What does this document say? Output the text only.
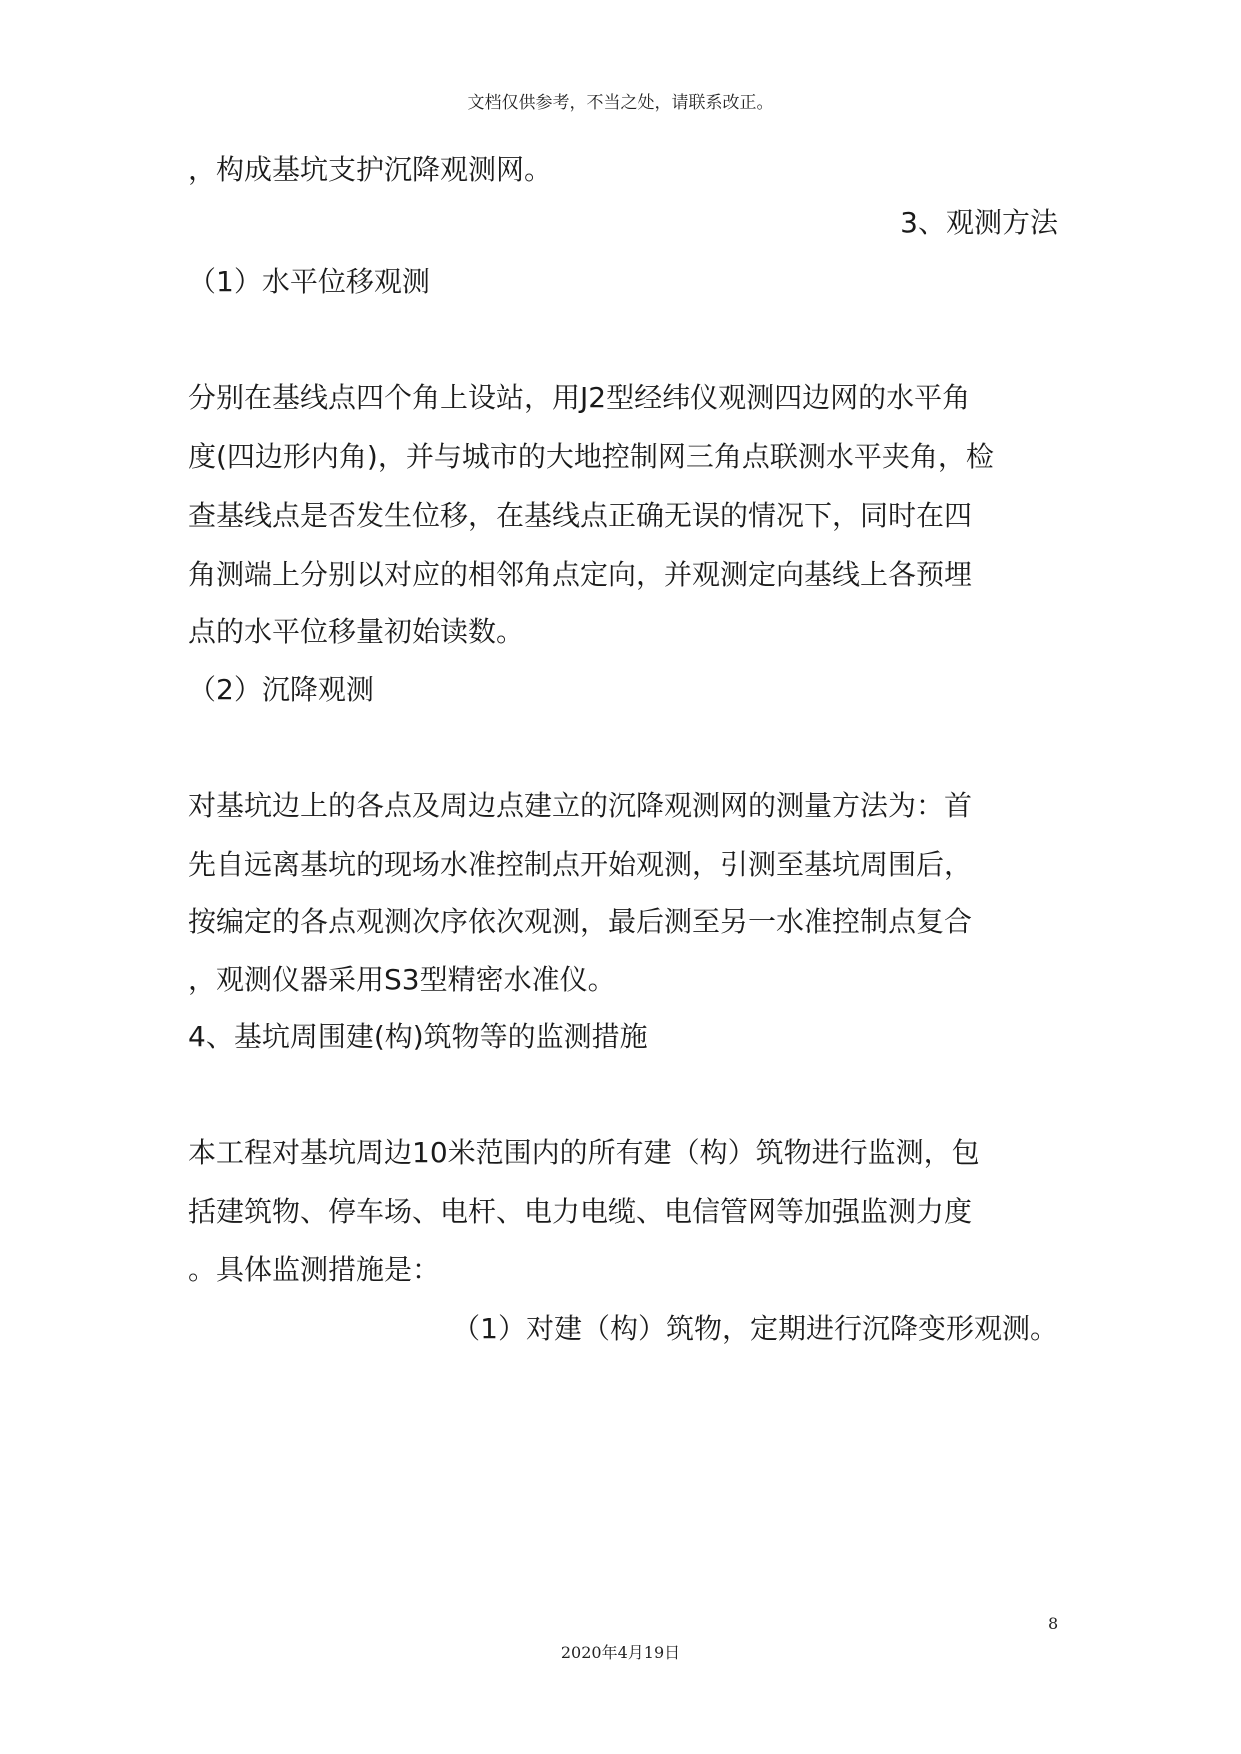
文档仅供参考，不当之处，请联系改正。
，构成基坑支护沉降观测网。
3、观测方法
（1）水平位移观测
分别在基线点四个角上设站，用J2型经纬仪观测四边网的水平角
度(四边形内角)，并与城市的大地控制网三角点联测水平夹角，检
查基线点是否发生位移，在基线点正确无误的情况下，同时在四
角测端上分别以对应的相邻角点定向，并观测定向基线上各预埋
点的水平位移量初始读数。
（2）沉降观测
对基坑边上的各点及周边点建立的沉降观测网的测量方法为：首
先自远离基坑的现场水准控制点开始观测，引测至基坑周围后，
按编定的各点观测次序依次观测，最后测至另一水准控制点复合
，观测仪器采用S3型精密水准仪。
4、基坑周围建(构)筑物等的监测措施
本工程对基坑周边10米范围内的所有建（构）筑物进行监测，包
括建筑物、停车场、电杆、电力电缆、电信管网等加强监测力度
。具体监测措施是：
（1）对建（构）筑物，定期进行沉降变形观测。
8
2020年4月19日
